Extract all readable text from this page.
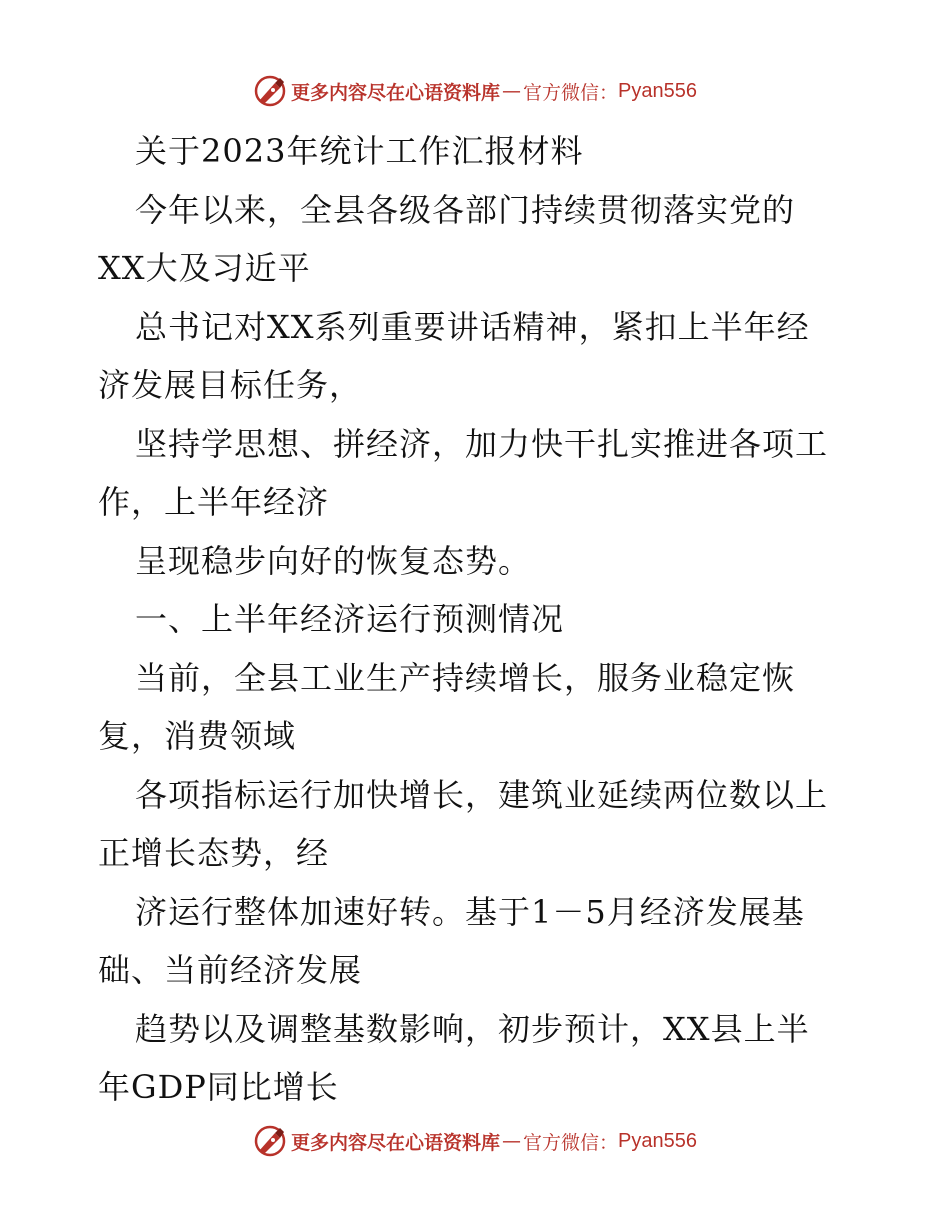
更多内容尽在心语资料库 — 官方微信： Pyan556
关于2023年统计工作汇报材料
今年以来，全县各级各部门持续贯彻落实党的
XX大及习近平
总书记对XX系列重要讲话精神，紧扣上半年经
济发展目标任务，
坚持学思想、拼经济，加力快干扎实推进各项工
作，上半年经济
呈现稳步向好的恢复态势。
一、上半年经济运行预测情况
当前，全县工业生产持续增长，服务业稳定恢
复，消费领域
各项指标运行加快增长，建筑业延续两位数以上
正增长态势，经
济运行整体加速好转。基于1－5月经济发展基
础、当前经济发展
趋势以及调整基数影响，初步预计，XX县上半
年GDP同比增长
更多内容尽在心语资料库 — 官方微信： Pyan556
